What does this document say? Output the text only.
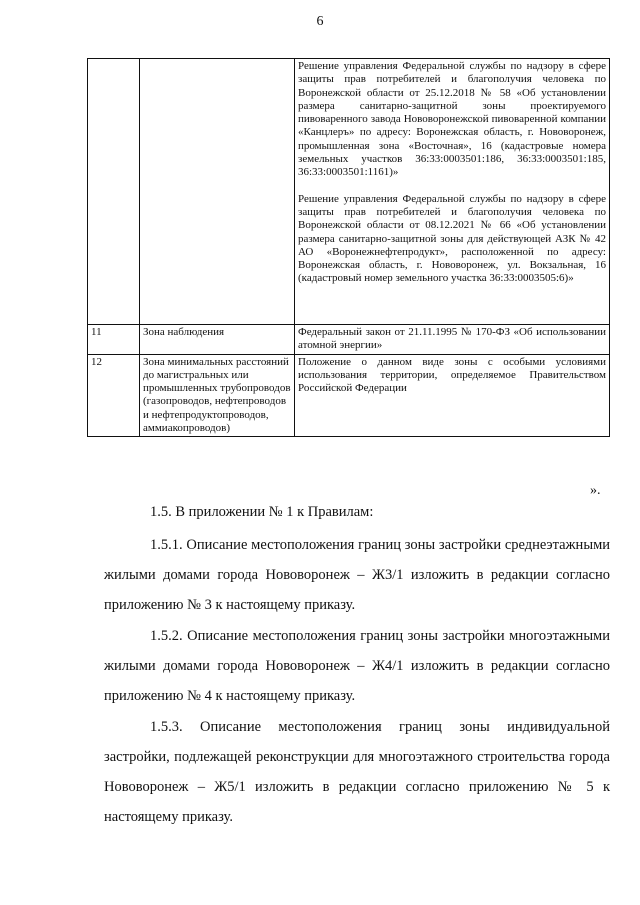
6

		Решение управления Федеральной службы по надзору в сфере защиты прав потребителей и благополучия человека по Воронежской области от 25.12.2018 № 58 «Об установлении размера санитарно-защитной зоны проектируемого пивоваренного завода Нововоронежской пивоваренной компании «Канцлеръ» по адресу: Воронежская область, г. Нововоронеж, промышленная зона «Восточная», 16 (кадастровые номера земельных участков 36:33:0003501:186, 36:33:0003501:185, 36:33:0003501:1161)»

Решение управления Федеральной службы по надзору в сфере защиты прав потребителей и благополучия человека по Воронежской области от 08.12.2021 № 66 «Об установлении размера санитарно-защитной зоны для действующей АЗК № 42 АО «Воронежнефтепродукт», расположенной по адресу: Воронежская область, г. Нововоронеж, ул. Вокзальная, 16 (кадастровый номер земельного участка 36:33:0003505:6)»

11	Зона наблюдения	Федеральный закон от 21.11.1995 № 170-ФЗ «Об использовании атомной энергии»

12	Зона минимальных расстояний до магистральных или промышленных трубопроводов (газопроводов, нефтепроводов и нефтепродуктопроводов, аммиакопроводов)	Положение о данном виде зоны с особыми условиями использования территории, определяемое Правительством Российской Федерации

».

1.5. В приложении № 1 к Правилам:

1.5.1. Описание местоположения границ зоны застройки среднеэтажными жилыми домами города Нововоронеж – Ж3/1 изложить в редакции согласно приложению № 3 к настоящему приказу.

1.5.2. Описание местоположения границ зоны застройки многоэтажными жилыми домами города Нововоронеж – Ж4/1 изложить в редакции согласно приложению № 4 к настоящему приказу.

1.5.3. Описание местоположения границ зоны индивидуальной застройки, подлежащей реконструкции для многоэтажного строительства города Нововоронеж – Ж5/1 изложить в редакции согласно приложению № 5 к настоящему приказу.
